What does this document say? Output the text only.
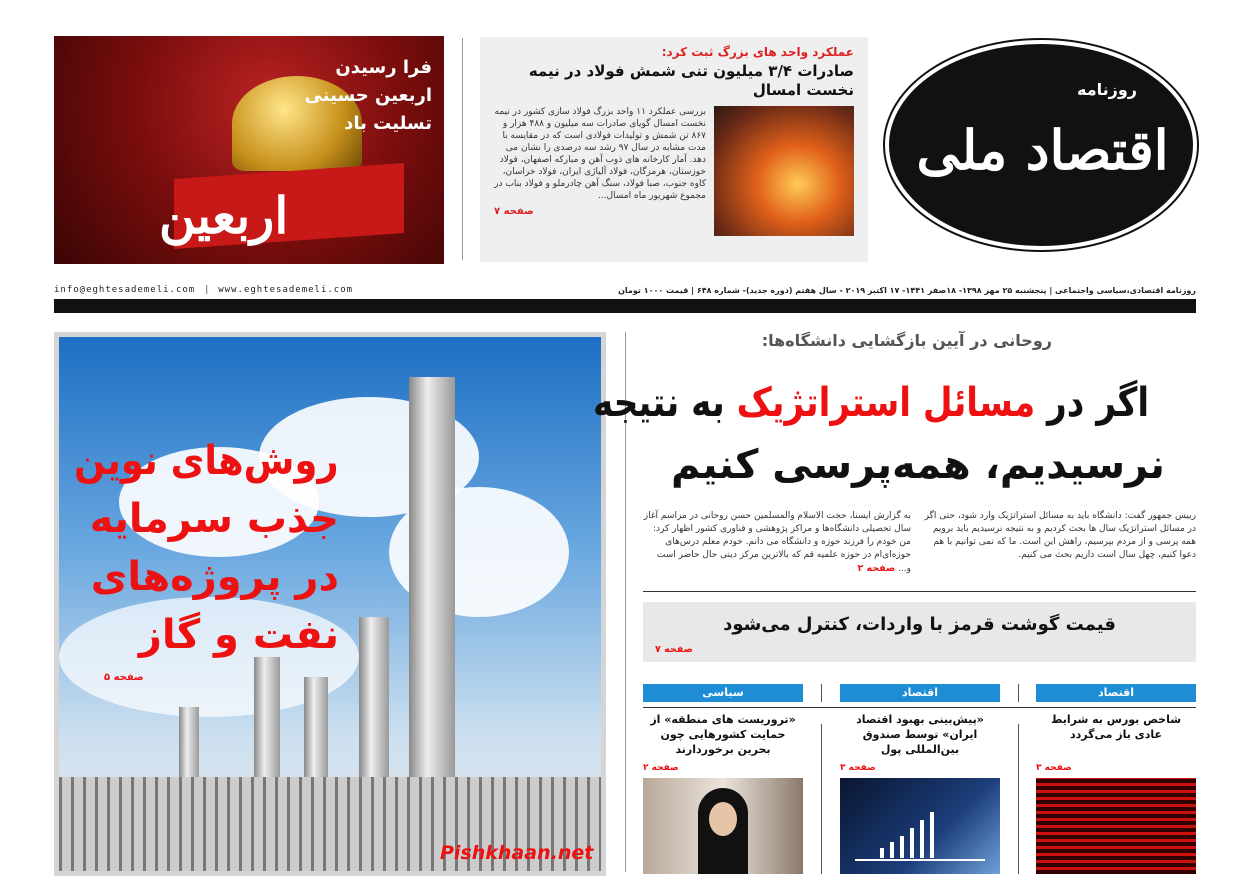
روزنامه
اقتصاد ملی
عملکرد واحد های بزرگ ثبت کرد:
صادرات ۳/۴ میلیون تنی شمش فولاد در نیمه نخست امسال
بررسی عملکرد ۱۱ واحد بزرگ فولاد سازی کشور در نیمه نخست امسال گویای صادرات سه میلیون و ۴۸۸ هزار و ۸۶۷ تن شمش و تولیدات فولادی است که در مقایسه با مدت مشابه در سال ۹۷ رشد سه درصدی را نشان می دهد. آمار کارخانه های ذوب آهن و مبارکه اصفهان، فولاد خوزستان، هرمزگان، فولاد آلیاژی ایران، فولاد خراسان، کاوه جنوب، صبا فولاد، سنگ آهن چادرملو و فولاد بناب در مجموع شهریور ماه امسال...
صفحه ۷
فرا رسیدن
اربعین حسینی
تسلیت باد
اربعین
info@eghtesademeli.com | www.eghtesademeli.com	روزنامه اقتصادی،سیاسی واجتماعی | پنجشنبه ۲۵ مهر ۱۳۹۸- ۱۸صفر ۱۴۴۱- ۱۷ اکتبر ۲۰۱۹ - سال هفتم (دوره جدید)- شماره ۶۴۸ | قیمت ۱۰۰۰ تومان
روش‌های نوین
جذب سرمایه
در پروژه‌های
نفت و گاز
صفحه ۵
روحانی در آیین بازگشایی دانشگاه‌ها:
اگر در مسائل استراتژیک به نتیجه
نرسیدیم، همه‌پرسی کنیم
رییس جمهور گفت: دانشگاه باید به مسائل استراتژیک وارد شود، حتی اگر در مسائل استراتژیک سال ها بحث کردیم و به نتیجه نرسیدیم باید برویم همه پرسی و از مردم بپرسیم، راهش این است. ما که نمی توانیم با هم دعوا کنیم، چهل سال است داریم بحث می کنیم.
به گزارش ایسنا، حجت الاسلام والمسلمین حسن روحانی در مراسم آغاز سال تحصیلی دانشگاه‌ها و مراکز پژوهشی و فناوری کشور اظهار کرد: من خودم را فرزند حوزه و دانشگاه می دانم. خودم معلم درس‌های حوزه‌ای‌ام در حوزه علمیه قم که بالاترین مرکز دینی حال حاضر است و... صفحه ۲
قیمت گوشت قرمز با واردات، کنترل می‌شود
صفحه ۷
اقتصاد
اقتصاد
سیاسی
شاخص بورس به شرایط عادی باز می‌گردد
«پیش‌بینی بهبود اقتصاد ایران» توسط صندوق بین‌المللی پول
«تروریست های منطقه» از حمایت کشورهایی چون بحرین برخوردارند
صفحه ۳
صفحه ۳
صفحه ۲
Pishkhaan.net
